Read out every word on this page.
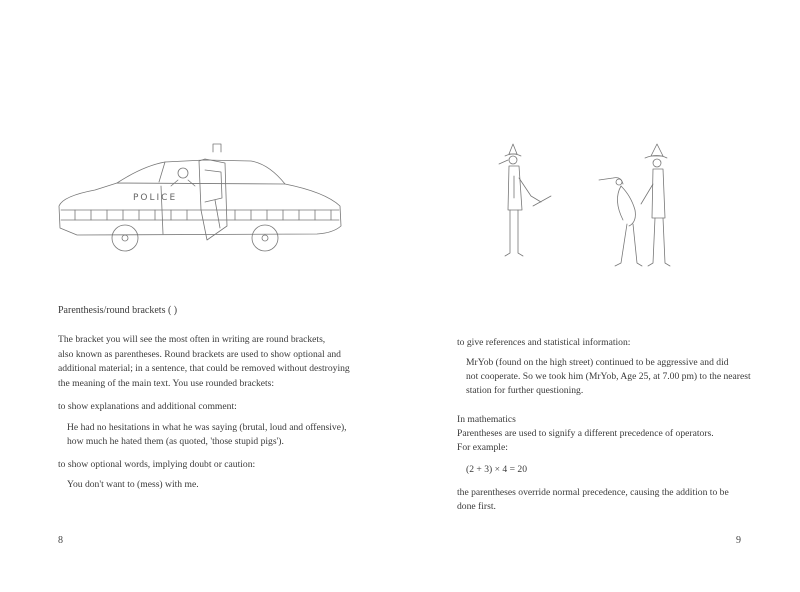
POLICE
Parenthesis/round brackets ( )
The bracket you will see the most often in writing are round brackets,
also known as parentheses. Round brackets are used to show optional and
additional material; in a sentence, that could be removed without destroying
the meaning of the main text. You use rounded brackets:
to show explanations and additional comment:
He had no hesitations in what he was saying (brutal, loud and offensive),
how much he hated them (as quoted, 'those stupid pigs').
to show optional words, implying doubt or caution:
You don't want to (mess) with me.
8
to give references and statistical information:
MrYob (found on the high street) continued to be aggressive and did
not cooperate. So we took him (MrYob, Age 25, at 7.00 pm) to the nearest
station for further questioning.
In mathematics
Parentheses are used to signify a different precedence of operators.
For example:
(2 + 3) × 4 = 20
the parentheses override normal precedence, causing the addition to be
done first.
9
